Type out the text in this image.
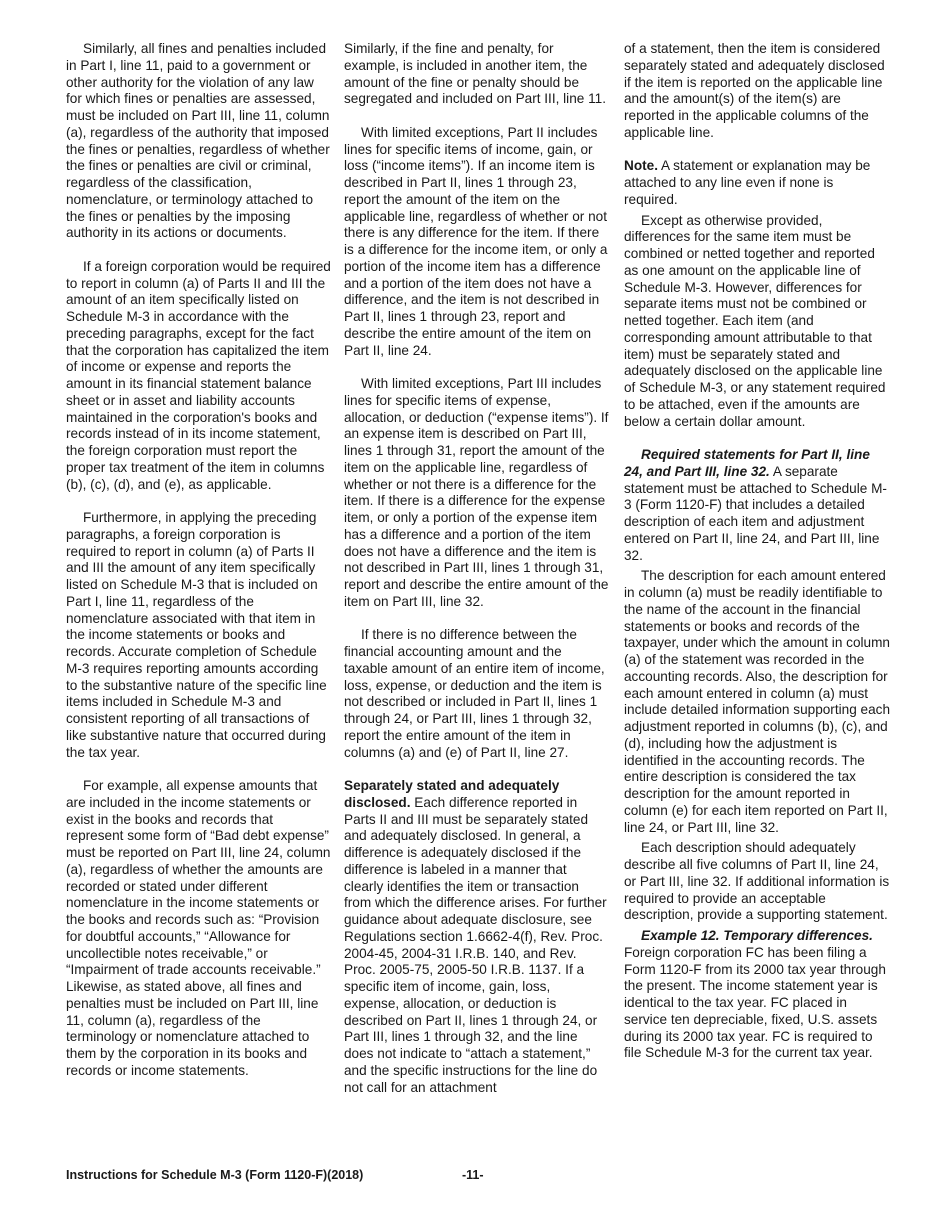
Similarly, all fines and penalties included in Part I, line 11, paid to a government or other authority for the violation of any law for which fines or penalties are assessed, must be included on Part III, line 11, column (a), regardless of the authority that imposed the fines or penalties, regardless of whether the fines or penalties are civil or criminal, regardless of the classification, nomenclature, or terminology attached to the fines or penalties by the imposing authority in its actions or documents.

If a foreign corporation would be required to report in column (a) of Parts II and III the amount of an item specifically listed on Schedule M-3 in accordance with the preceding paragraphs, except for the fact that the corporation has capitalized the item of income or expense and reports the amount in its financial statement balance sheet or in asset and liability accounts maintained in the corporation's books and records instead of in its income statement, the foreign corporation must report the proper tax treatment of the item in columns (b), (c), (d), and (e), as applicable.

Furthermore, in applying the preceding paragraphs, a foreign corporation is required to report in column (a) of Parts II and III the amount of any item specifically listed on Schedule M-3 that is included on Part I, line 11, regardless of the nomenclature associated with that item in the income statements or books and records. Accurate completion of Schedule M-3 requires reporting amounts according to the substantive nature of the specific line items included in Schedule M-3 and consistent reporting of all transactions of like substantive nature that occurred during the tax year.

For example, all expense amounts that are included in the income statements or exist in the books and records that represent some form of “Bad debt expense” must be reported on Part III, line 24, column (a), regardless of whether the amounts are recorded or stated under different nomenclature in the income statements or the books and records such as: “Provision for doubtful accounts,” “Allowance for uncollectible notes receivable,” or “Impairment of trade accounts receivable.” Likewise, as stated above, all fines and penalties must be included on Part III, line 11, column (a), regardless of the terminology or nomenclature attached to them by the corporation in its books and records or income statements.

Similarly, if the fine and penalty, for example, is included in another item, the amount of the fine or penalty should be segregated and included on Part III, line 11.

With limited exceptions, Part II includes lines for specific items of income, gain, or loss (“income items”). If an income item is described in Part II, lines 1 through 23, report the amount of the item on the applicable line, regardless of whether or not there is any difference for the item. If there is a difference for the income item, or only a portion of the income item has a difference and a portion of the item does not have a difference, and the item is not described in Part II, lines 1 through 23, report and describe the entire amount of the item on Part II, line 24.

With limited exceptions, Part III includes lines for specific items of expense, allocation, or deduction (“expense items”). If an expense item is described on Part III, lines 1 through 31, report the amount of the item on the applicable line, regardless of whether or not there is a difference for the item. If there is a difference for the expense item, or only a portion of the expense item has a difference and a portion of the item does not have a difference and the item is not described in Part III, lines 1 through 31, report and describe the entire amount of the item on Part III, line 32.

If there is no difference between the financial accounting amount and the taxable amount of an entire item of income, loss, expense, or deduction and the item is not described or included in Part II, lines 1 through 24, or Part III, lines 1 through 32, report the entire amount of the item in columns (a) and (e) of Part II, line 27.

Separately stated and adequately disclosed. Each difference reported in Parts II and III must be separately stated and adequately disclosed. In general, a difference is adequately disclosed if the difference is labeled in a manner that clearly identifies the item or transaction from which the difference arises. For further guidance about adequate disclosure, see Regulations section 1.6662-4(f), Rev. Proc. 2004-45, 2004-31 I.R.B. 140, and Rev. Proc. 2005-75, 2005-50 I.R.B. 1137. If a specific item of income, gain, loss, expense, allocation, or deduction is described on Part II, lines 1 through 24, or Part III, lines 1 through 32, and the line does not indicate to “attach a statement,” and the specific instructions for the line do not call for an attachment

of a statement, then the item is considered separately stated and adequately disclosed if the item is reported on the applicable line and the amount(s) of the item(s) are reported in the applicable columns of the applicable line.

Note. A statement or explanation may be attached to any line even if none is required.

Except as otherwise provided, differences for the same item must be combined or netted together and reported as one amount on the applicable line of Schedule M-3. However, differences for separate items must not be combined or netted together. Each item (and corresponding amount attributable to that item) must be separately stated and adequately disclosed on the applicable line of Schedule M-3, or any statement required to be attached, even if the amounts are below a certain dollar amount.

Required statements for Part II, line 24, and Part III, line 32. A separate statement must be attached to Schedule M-3 (Form 1120-F) that includes a detailed description of each item and adjustment entered on Part II, line 24, and Part III, line 32.

The description for each amount entered in column (a) must be readily identifiable to the name of the account in the financial statements or books and records of the taxpayer, under which the amount in column (a) of the statement was recorded in the accounting records. Also, the description for each amount entered in column (a) must include detailed information supporting each adjustment reported in columns (b), (c), and (d), including how the adjustment is identified in the accounting records. The entire description is considered the tax description for the amount reported in column (e) for each item reported on Part II, line 24, or Part III, line 32.

Each description should adequately describe all five columns of Part II, line 24, or Part III, line 32. If additional information is required to provide an acceptable description, provide a supporting statement.

Example 12. Temporary differences. Foreign corporation FC has been filing a Form 1120-F from its 2000 tax year through the present. The income statement year is identical to the tax year. FC placed in service ten depreciable, fixed, U.S. assets during its 2000 tax year. FC is required to file Schedule M-3 for the current tax year.

Instructions for Schedule M-3 (Form 1120-F)(2018)	-11-
